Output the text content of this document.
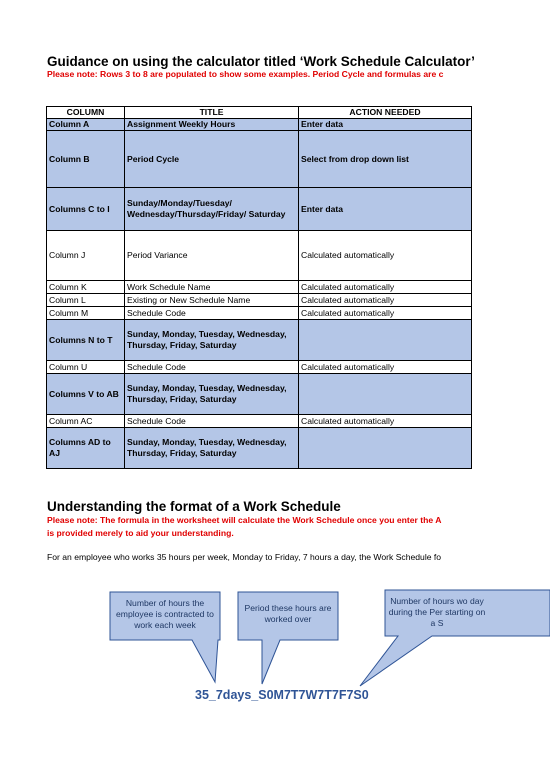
Guidance on using the calculator titled ‘Work Schedule Calculator’
Please note: Rows 3 to 8 are populated to show some examples. Period Cycle and formulas are c
COLUMN	TITLE	ACTION NEEDED
Column A	Assignment Weekly Hours	Enter data
Column B	Period Cycle	Select from drop down list
Columns C to I	Sunday/Monday/Tuesday/ Wednesday/Thursday/Friday/ Saturday	Enter data
Column J	Period Variance	Calculated automatically
Column K	Work Schedule Name	Calculated automatically
Column L	Existing or New Schedule Name	Calculated automatically
Column M	Schedule Code	Calculated automatically
Columns N to T	Sunday, Monday, Tuesday, Wednesday, Thursday, Friday, Saturday	
Column U	Schedule Code	Calculated automatically
Columns V to AB	Sunday, Monday, Tuesday, Wednesday, Thursday, Friday, Saturday	
Column AC	Schedule Code	Calculated automatically
Columns AD to AJ	Sunday, Monday, Tuesday, Wednesday, Thursday, Friday, Saturday	
Understanding the format of a Work Schedule
Please note: The formula in the worksheet will calculate the Work Schedule once you enter the A
is provided merely to aid your understanding.
For an employee who works 35 hours per week, Monday to Friday, 7 hours a day, the Work Schedule fo
Number of hours the employee is contracted to work each week
Period these hours are worked over
Number of hours wo day during the Per starting on a S
35_7days_S0M7T7W7T7F7S0
